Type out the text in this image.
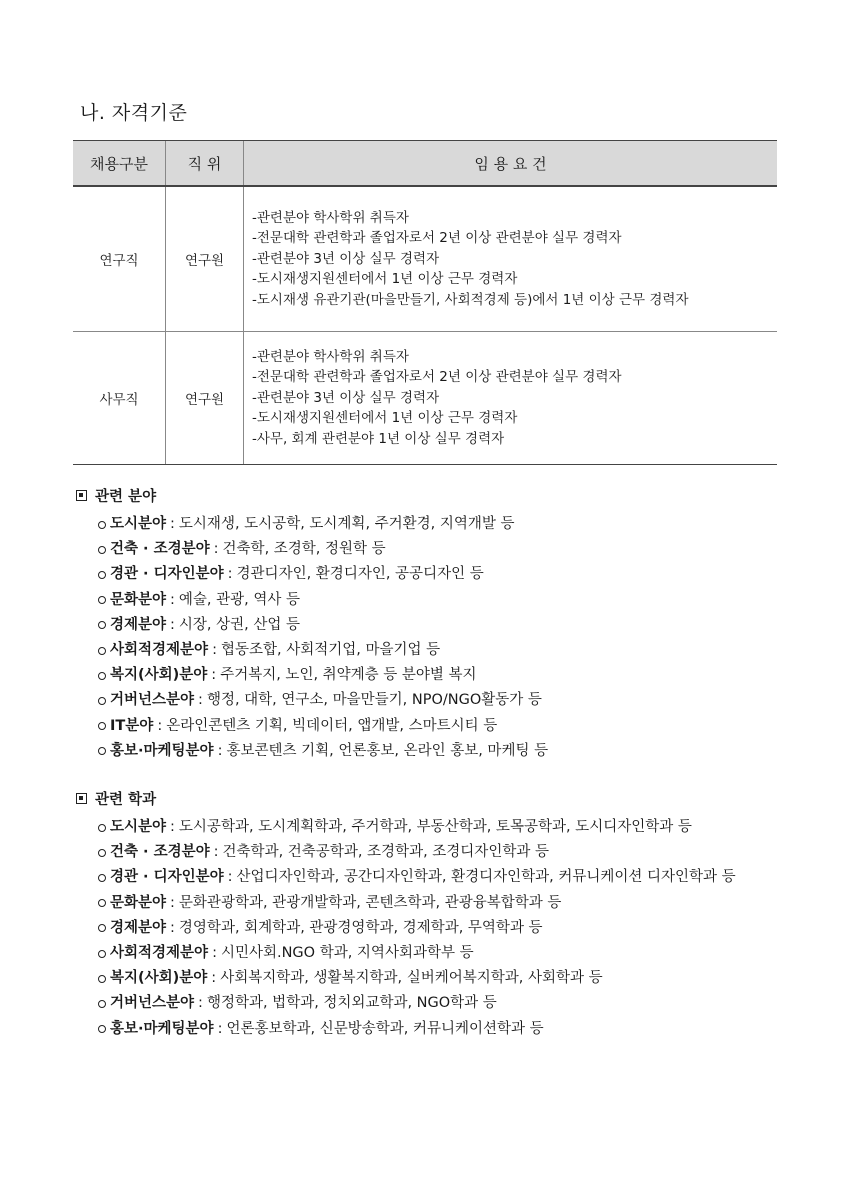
나. 자격기준
채용구분	직 위	임 용 요 건
연구직	연구원	-관련분야 학사학위 취득자
-전문대학 관련학과 졸업자로서 2년 이상 관련분야 실무 경력자
-관련분야 3년 이상 실무 경력자
-도시재생지원센터에서 1년 이상 근무 경력자
-도시재생 유관기관(마을만들기, 사회적경제 등)에서 1년 이상 근무 경력자

사무직	연구원	-관련분야 학사학위 취득자
-전문대학 관련학과 졸업자로서 2년 이상 관련분야 실무 경력자
-관련분야 3년 이상 실무 경력자
-도시재생지원센터에서 1년 이상 근무 경력자
-사무, 회계 관련분야 1년 이상 실무 경력자
관련 분야
도시분야 : 도시재생, 도시공학, 도시계획, 주거환경, 지역개발 등
건축 · 조경분야 : 건축학, 조경학, 정원학 등
경관 · 디자인분야 : 경관디자인, 환경디자인, 공공디자인 등
문화분야 : 예술, 관광, 역사 등
경제분야 : 시장, 상권, 산업 등
사회적경제분야 : 협동조합, 사회적기업, 마을기업 등
복지(사회)분야 : 주거복지, 노인, 취약계층 등 분야별 복지
거버넌스분야 : 행정, 대학, 연구소, 마을만들기, NPO/NGO활동가 등
IT분야 : 온라인콘텐츠 기획, 빅데이터, 앱개발, 스마트시티 등
홍보·마케팅분야 : 홍보콘텐츠 기획, 언론홍보, 온라인 홍보, 마케팅 등
관련 학과
도시분야 : 도시공학과, 도시계획학과, 주거학과, 부동산학과, 토목공학과, 도시디자인학과 등
건축 · 조경분야 : 건축학과, 건축공학과, 조경학과, 조경디자인학과 등
경관 · 디자인분야 : 산업디자인학과, 공간디자인학과, 환경디자인학과, 커뮤니케이션 디자인학과 등
문화분야 : 문화관광학과, 관광개발학과, 콘텐츠학과, 관광융복합학과 등
경제분야 : 경영학과, 회계학과, 관광경영학과, 경제학과, 무역학과 등
사회적경제분야 : 시민사회.NGO 학과, 지역사회과학부 등
복지(사회)분야 : 사회복지학과, 생활복지학과, 실버케어복지학과, 사회학과 등
거버넌스분야 : 행정학과, 법학과, 정치외교학과, NGO학과 등
홍보·마케팅분야 : 언론홍보학과, 신문방송학과, 커뮤니케이션학과 등
